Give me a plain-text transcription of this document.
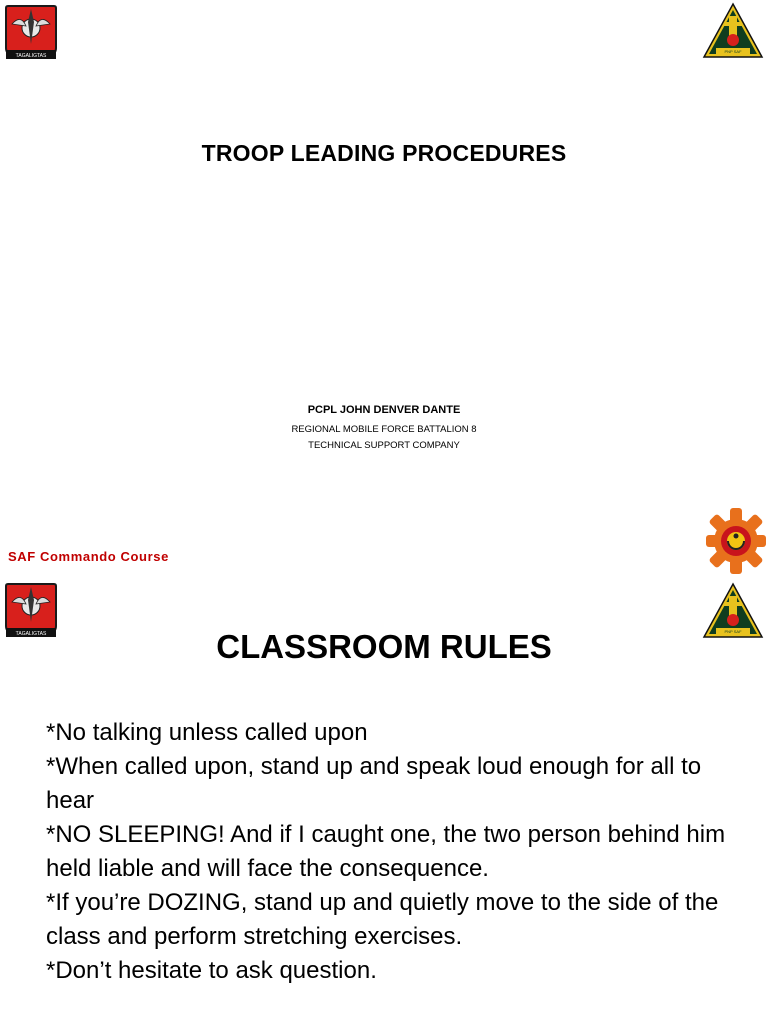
TAGALIGTAS
PNP SAF
TROOP LEADING PROCEDURES
PCPL JOHN DENVER DANTE
REGIONAL MOBILE FORCE BATTALION 8
TECHNICAL SUPPORT COMPANY
SAF Commando Course
TAGALIGTAS	PNP SAF
CLASSROOM RULES
*No talking unless called upon
*When called upon, stand up and speak loud enough for all to hear
*NO SLEEPING! And if I caught one, the two person behind him held liable and will face the consequence.
*If you’re DOZING, stand up and quietly move to the side of the class and perform stretching exercises.
*Don’t hesitate to ask question.
